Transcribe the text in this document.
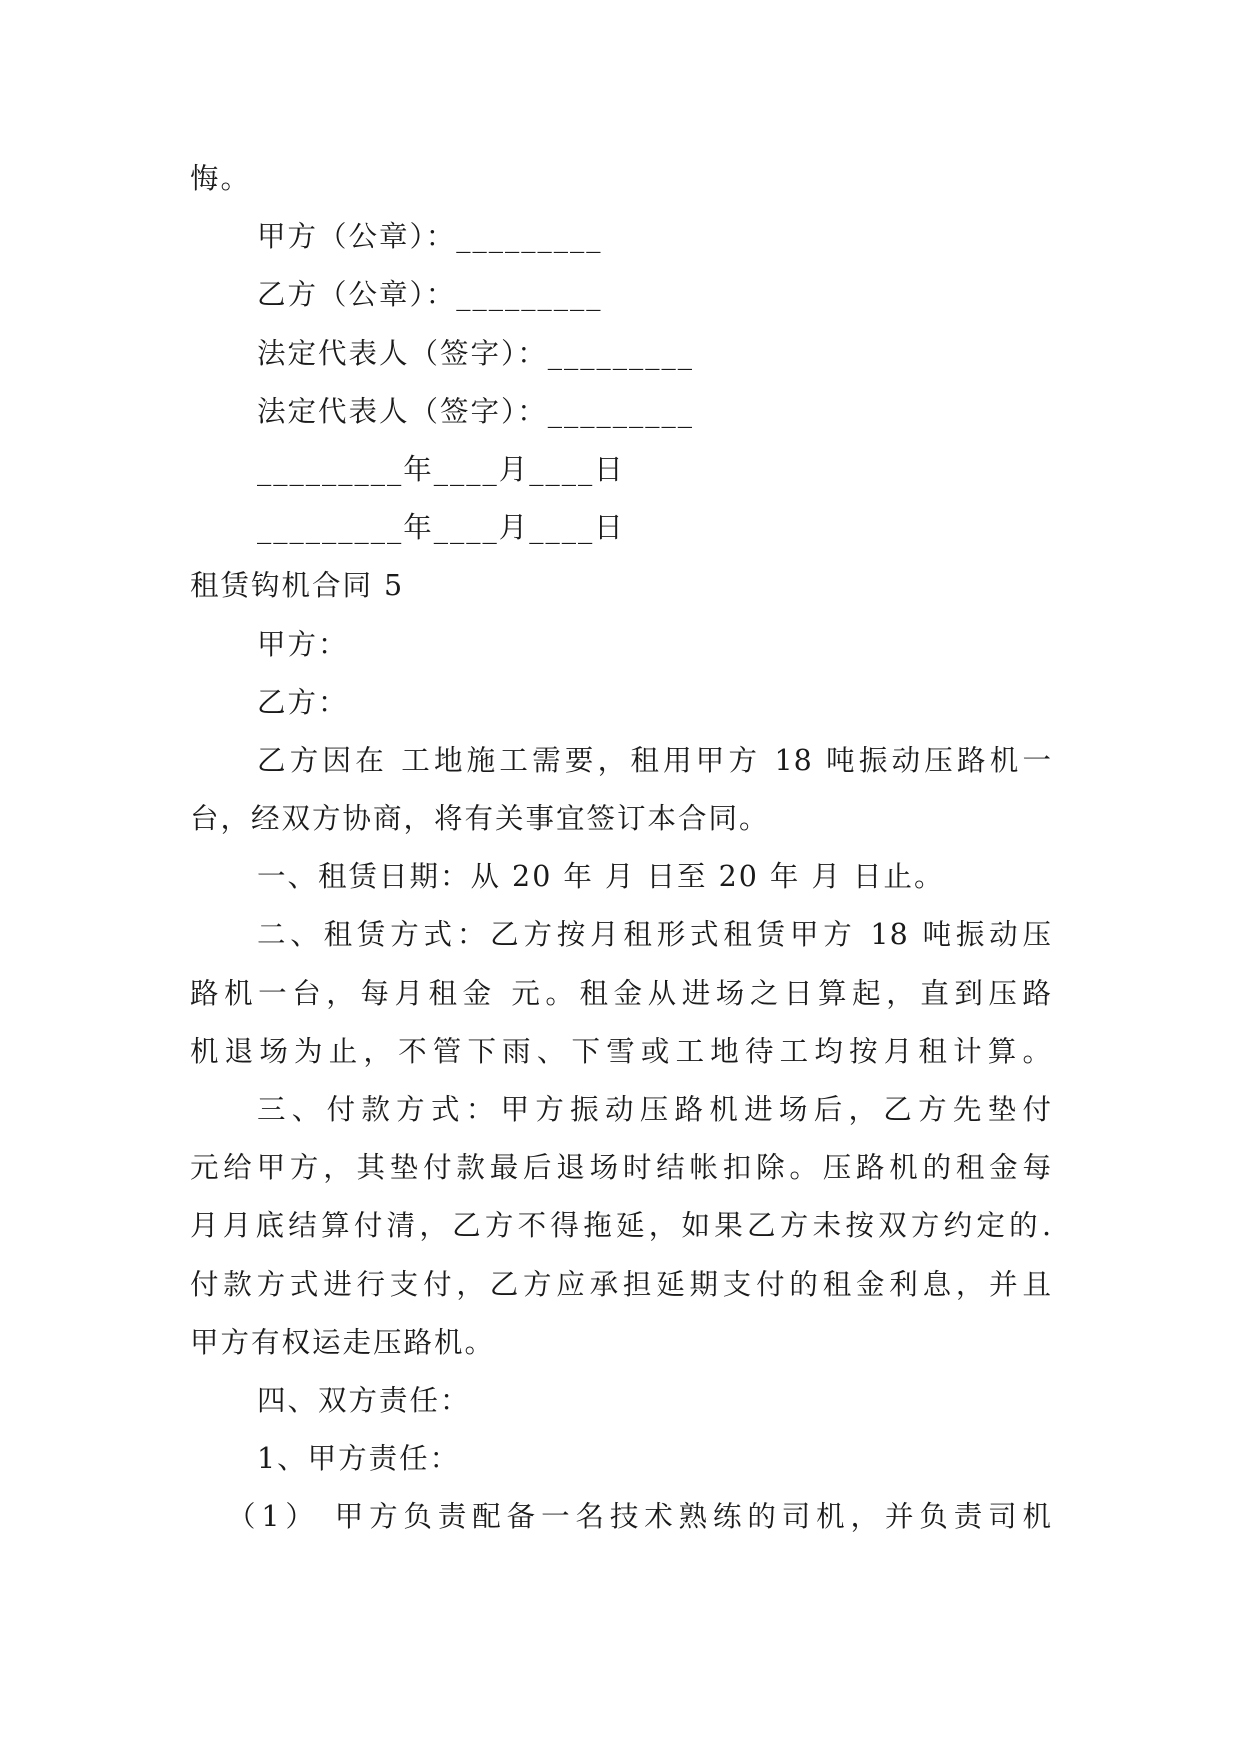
悔。
甲方（公章）：_________
乙方（公章）：_________
法定代表人（签字）：_________
法定代表人（签字）：_________
_________年____月____日
_________年____月____日
租赁钩机合同 5
甲方：
乙方：
乙方因在 工地施工需要，租用甲方 18 吨振动压路机一
台，经双方协商，将有关事宜签订本合同。
一、租赁日期：从 20 年 月 日至 20 年 月 日止。
二、租赁方式：乙方按月租形式租赁甲方 18 吨振动压
路机一台，每月租金 元。租金从进场之日算起，直到压路
机退场为止，不管下雨、下雪或工地待工均按月租计算。
三、付款方式：甲方振动压路机进场后，乙方先垫付
元给甲方，其垫付款最后退场时结帐扣除。压路机的租金每
月月底结算付清，乙方不得拖延，如果乙方未按双方约定的.
付款方式进行支付，乙方应承担延期支付的租金利息，并且
甲方有权运走压路机。
四、双方责任：
1、甲方责任：
（1） 甲方负责配备一名技术熟练的司机，并负责司机
